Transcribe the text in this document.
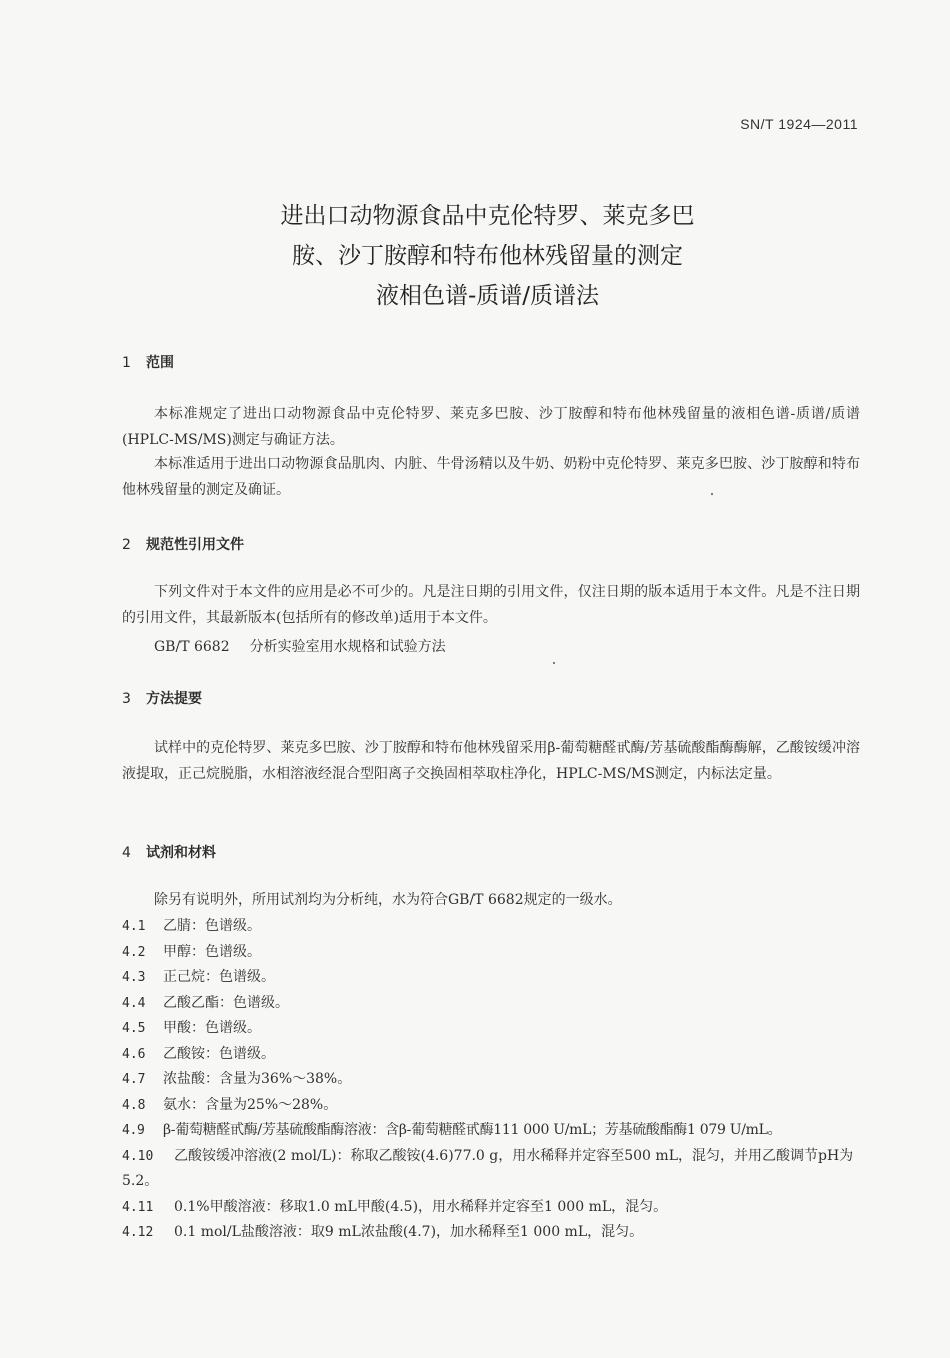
SN/T 1924—2011
进出口动物源食品中克伦特罗、莱克多巴
胺、沙丁胺醇和特布他林残留量的测定
液相色谱-质谱/质谱法
1 范围
本标准规定了进出口动物源食品中克伦特罗、莱克多巴胺、沙丁胺醇和特布他林残留量的液相色谱-质谱/质谱(HPLC-MS/MS)测定与确证方法。
本标准适用于进出口动物源食品肌肉、内脏、牛骨汤精以及牛奶、奶粉中克伦特罗、莱克多巴胺、沙丁胺醇和特布他林残留量的测定及确证。
2 规范性引用文件
下列文件对于本文件的应用是必不可少的。凡是注日期的引用文件，仅注日期的版本适用于本文件。凡是不注日期的引用文件，其最新版本(包括所有的修改单)适用于本文件。
GB/T 6682 分析实验室用水规格和试验方法
3 方法提要
试样中的克伦特罗、莱克多巴胺、沙丁胺醇和特布他林残留采用β-葡萄糖醛甙酶/芳基硫酸酯酶酶解，乙酸铵缓冲溶液提取，正己烷脱脂，水相溶液经混合型阳离子交换固相萃取柱净化，HPLC-MS/MS测定，内标法定量。
4 试剂和材料
除另有说明外，所用试剂均为分析纯，水为符合GB/T 6682规定的一级水。
4.1 乙腈：色谱级。
4.2 甲醇：色谱级。
4.3 正己烷：色谱级。
4.4 乙酸乙酯：色谱级。
4.5 甲酸：色谱级。
4.6 乙酸铵：色谱级。
4.7 浓盐酸：含量为36%～38%。
4.8 氨水：含量为25%～28%。
4.9 β-葡萄糖醛甙酶/芳基硫酸酯酶溶液：含β-葡萄糖醛甙酶111 000 U/mL；芳基硫酸酯酶1 079 U/mL。
4.10 乙酸铵缓冲溶液(2 mol/L)：称取乙酸铵(4.6)77.0 g，用水稀释并定容至500 mL，混匀，并用乙酸调节pH为5.2。
4.11 0.1%甲酸溶液：移取1.0 mL甲酸(4.5)，用水稀释并定容至1 000 mL，混匀。
4.12 0.1 mol/L盐酸溶液：取9 mL浓盐酸(4.7)，加水稀释至1 000 mL，混匀。
